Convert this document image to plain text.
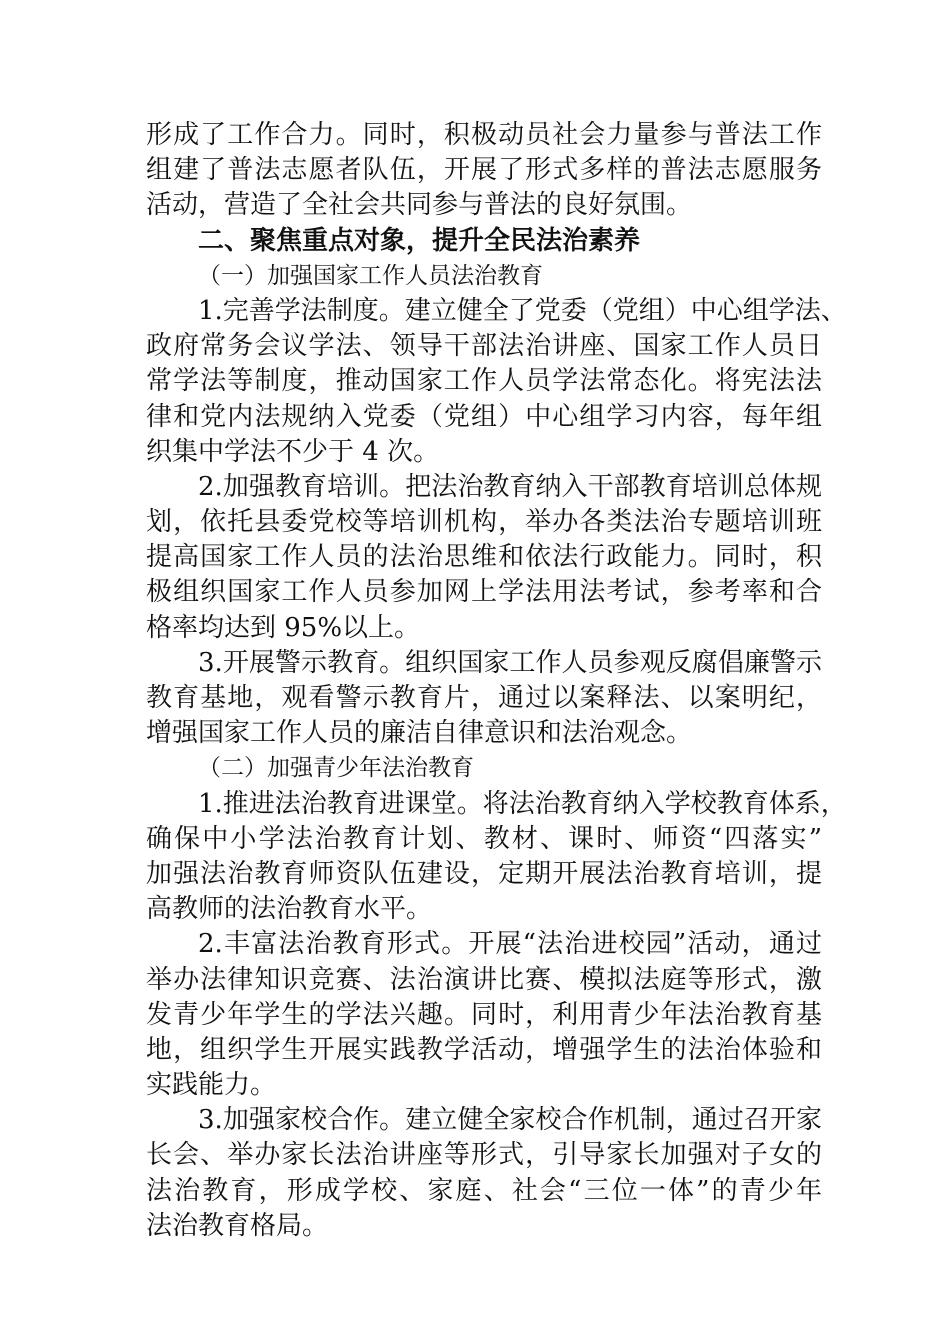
形成了工作合力。同时，积极动员社会力量参与普法工作
组建了普法志愿者队伍，开展了形式多样的普法志愿服务
活动，营造了全社会共同参与普法的良好氛围。
二、聚焦重点对象，提升全民法治素养
（一）加强国家工作人员法治教育
1.完善学法制度。建立健全了党委（党组）中心组学法、
政府常务会议学法、领导干部法治讲座、国家工作人员日
常学法等制度，推动国家工作人员学法常态化。将宪法法
律和党内法规纳入党委（党组）中心组学习内容，每年组
织集中学法不少于 4 次。
2.加强教育培训。把法治教育纳入干部教育培训总体规
划，依托县委党校等培训机构，举办各类法治专题培训班
提高国家工作人员的法治思维和依法行政能力。同时，积
极组织国家工作人员参加网上学法用法考试，参考率和合
格率均达到 95%以上。
3.开展警示教育。组织国家工作人员参观反腐倡廉警示
教育基地，观看警示教育片，通过以案释法、以案明纪，
增强国家工作人员的廉洁自律意识和法治观念。
（二）加强青少年法治教育
1.推进法治教育进课堂。将法治教育纳入学校教育体系，
确保中小学法治教育计划、教材、课时、师资“四落实”
加强法治教育师资队伍建设，定期开展法治教育培训，提
高教师的法治教育水平。
2.丰富法治教育形式。开展“法治进校园”活动，通过
举办法律知识竞赛、法治演讲比赛、模拟法庭等形式，激
发青少年学生的学法兴趣。同时，利用青少年法治教育基
地，组织学生开展实践教学活动，增强学生的法治体验和
实践能力。
3.加强家校合作。建立健全家校合作机制，通过召开家
长会、举办家长法治讲座等形式，引导家长加强对子女的
法治教育，形成学校、家庭、社会“三位一体”的青少年
法治教育格局。
